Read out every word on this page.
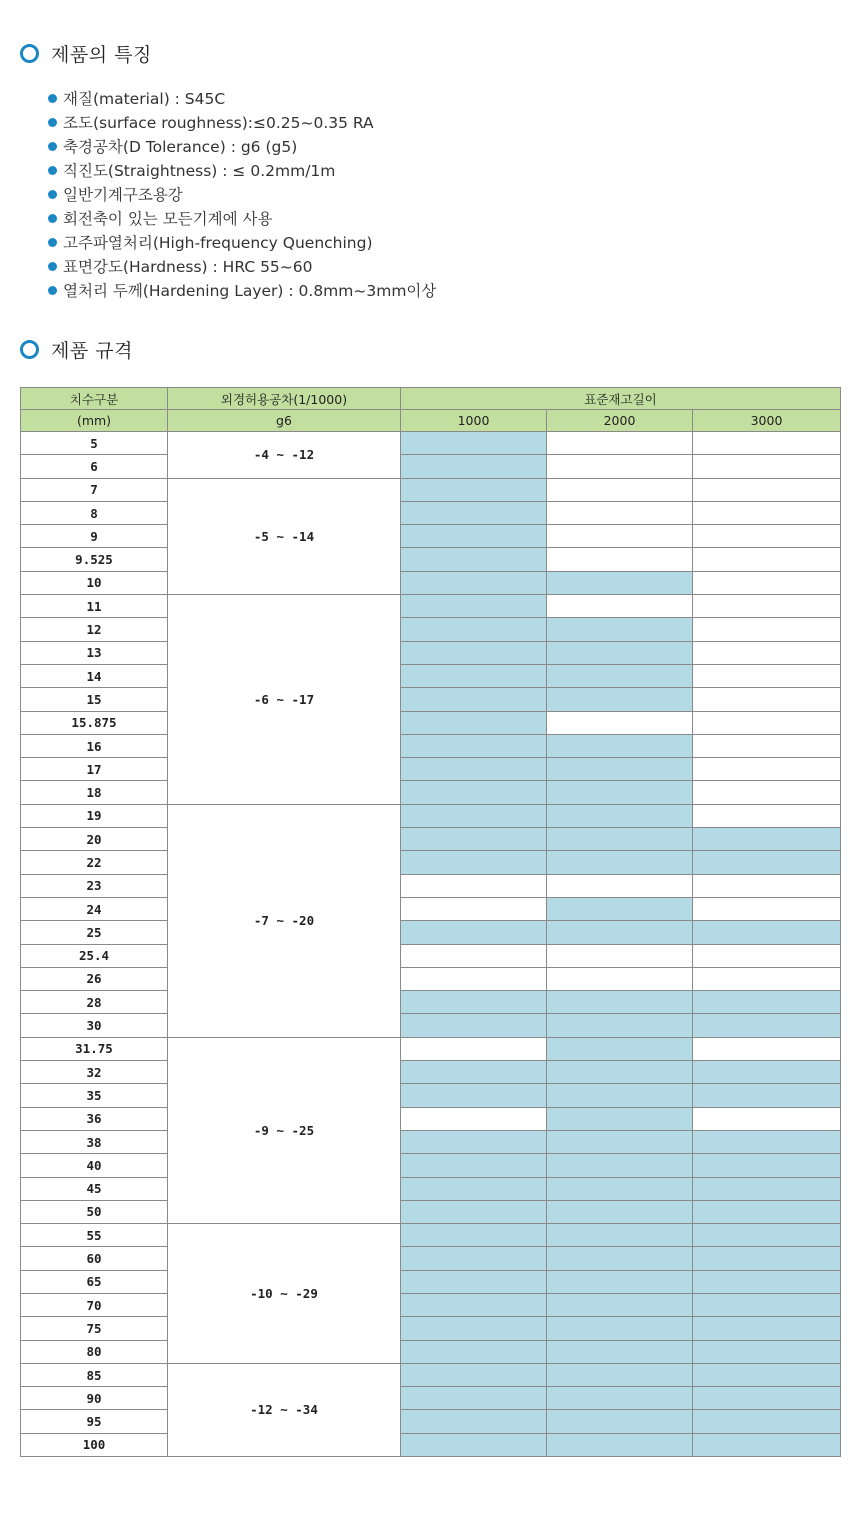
제품의 특징
재질(material) : S45C
조도(surface roughness):≤0.25~0.35 RA
축경공차(D Tolerance) : g6 (g5)
직진도(Straightness) : ≤ 0.2mm/1m
일반기계구조용강
회전축이 있는 모든기계에 사용
고주파열처리(High-frequency Quenching)
표면강도(Hardness) : HRC 55~60
열처리 두께(Hardening Layer) : 0.8mm~3mm이상
제품 규격
치수구분	외경허용공차(1/1000)	표준재고길이		
(mm)	g6	1000	2000	3000
5	-4 ~ -12			
6				
7	-5 ~ -14			
8				
9				
9.525				
10				
11	-6 ~ -17			
12				
13				
14				
15				
15.875				
16				
17				
18				
19	-7 ~ -20			
20				
22				
23				
24				
25				
25.4				
26				
28				
30				
31.75	-9 ~ -25			
32				
35				
36				
38				
40				
45				
50				
55	-10 ~ -29			
60				
65				
70				
75				
80				
85	-12 ~ -34			
90				
95				
100				
